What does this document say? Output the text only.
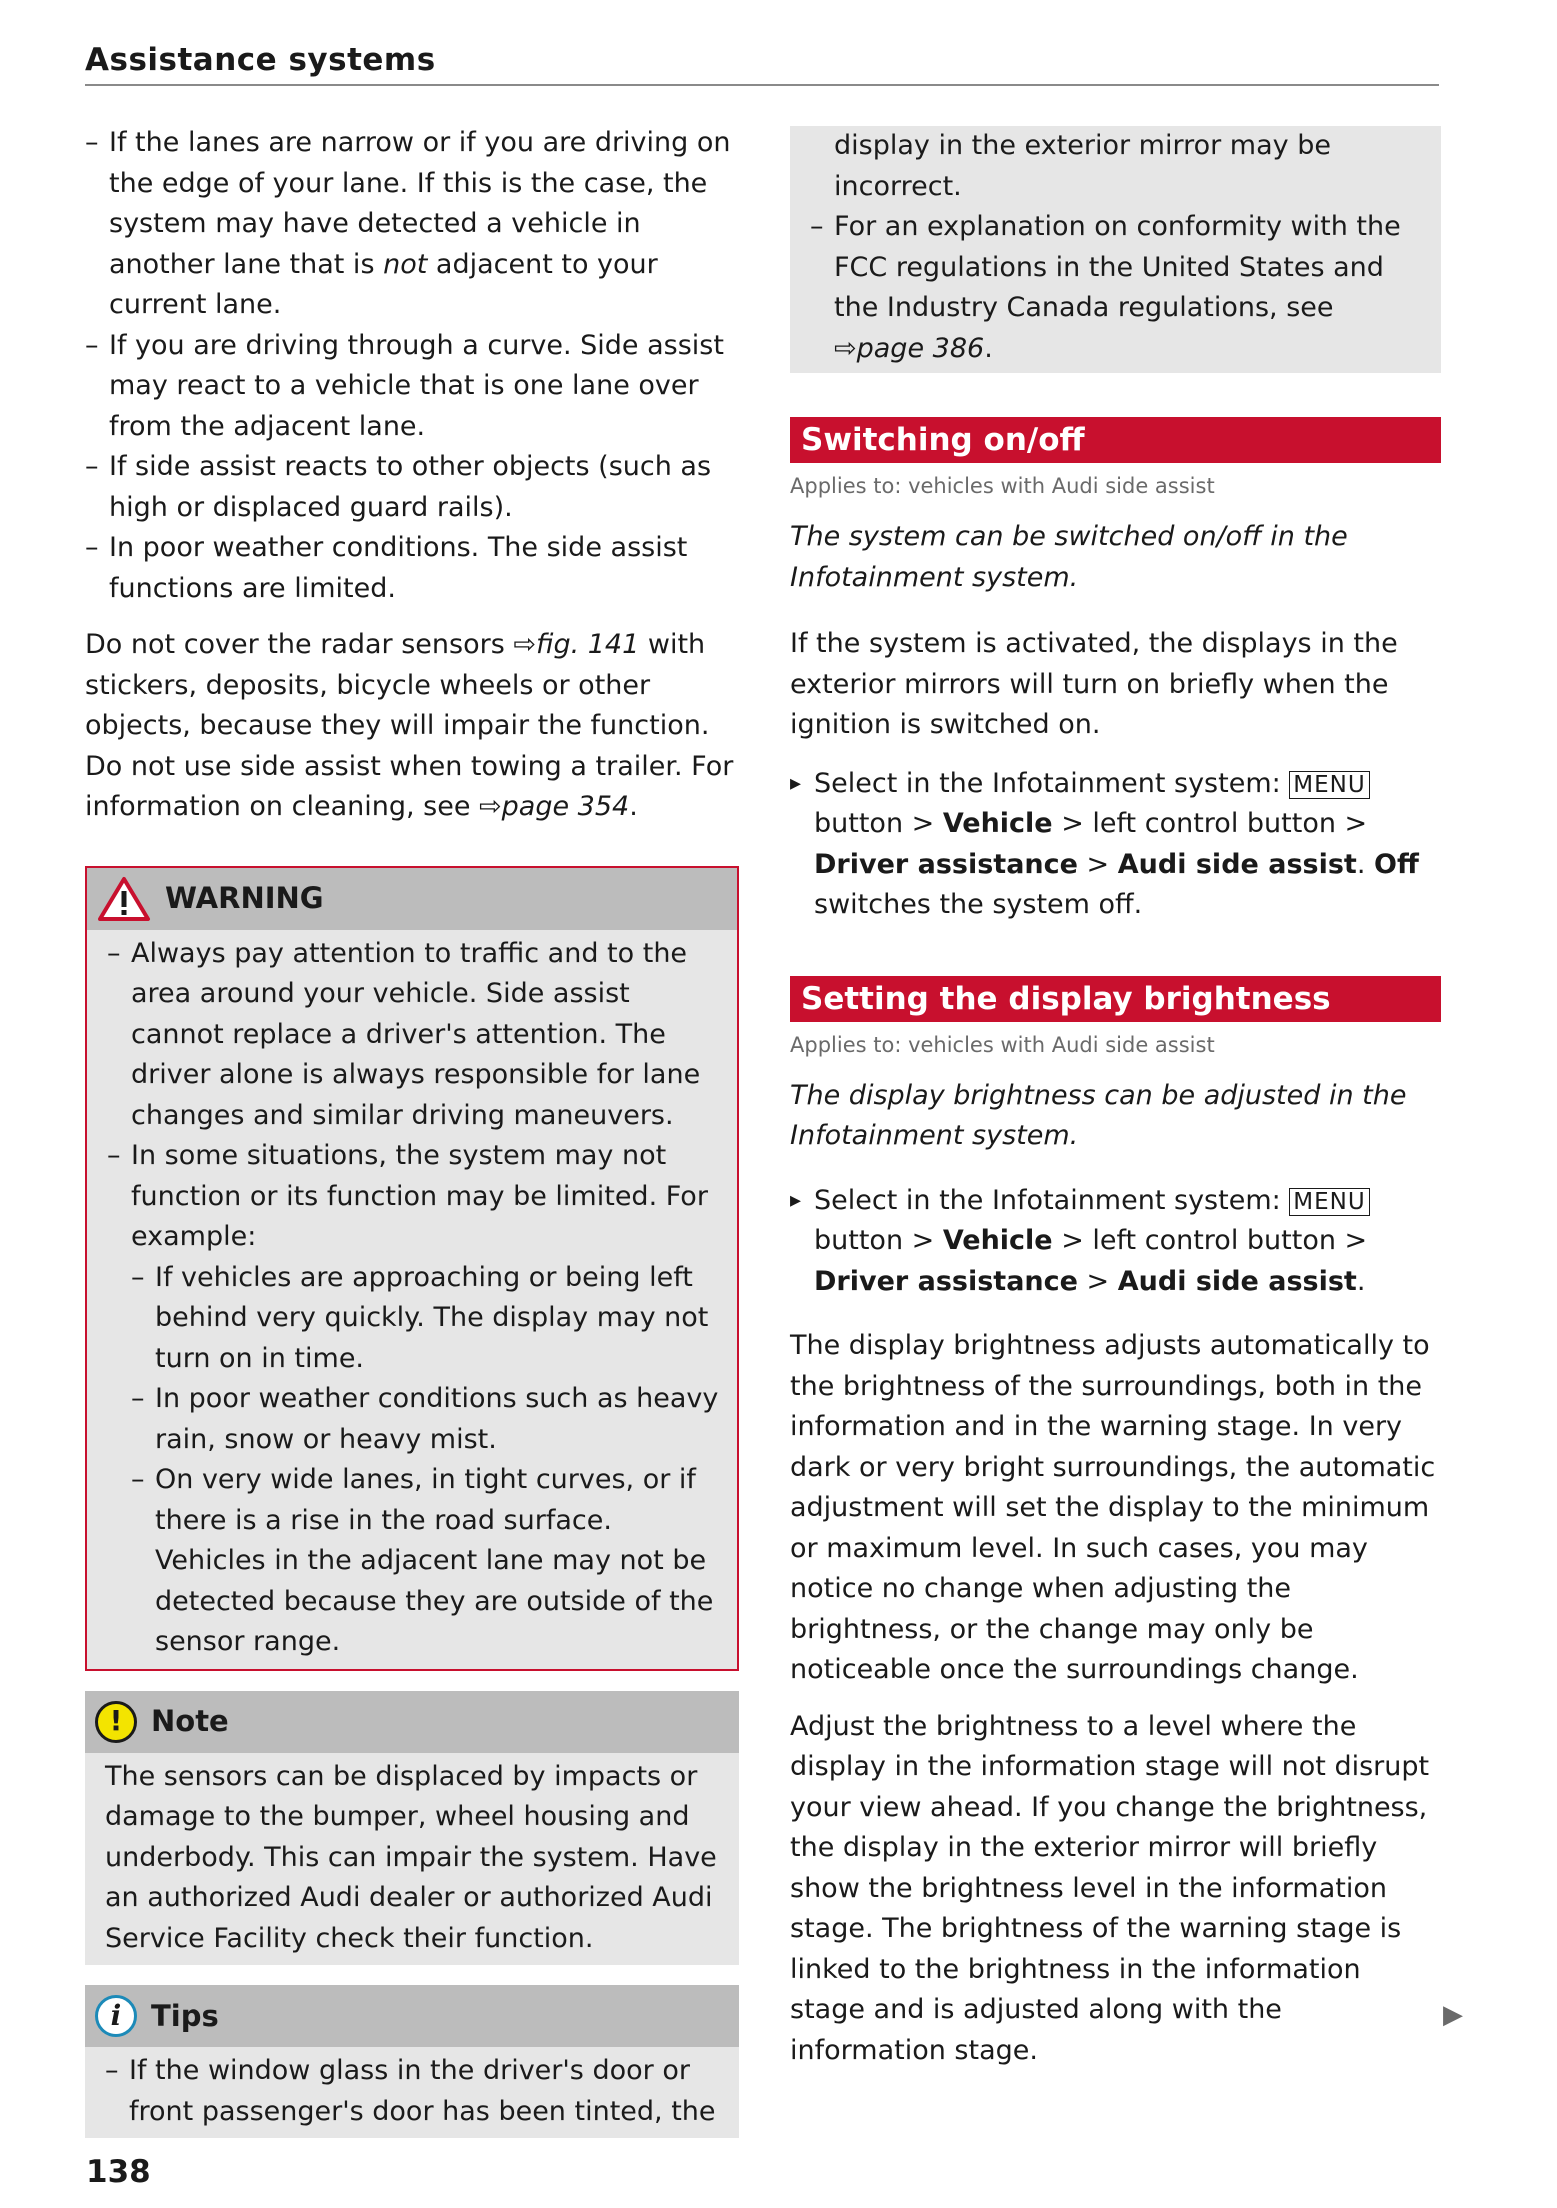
Assistance systems
– If the lanes are narrow or if you are driving on the edge of your lane. If this is the case, the system may have detected a vehicle in another lane that is not adjacent to your current lane.
– If you are driving through a curve. Side assist may react to a vehicle that is one lane over from the adjacent lane.
– If side assist reacts to other objects (such as high or displaced guard rails).
– In poor weather conditions. The side assist functions are limited.

Do not cover the radar sensors ⇨fig. 141 with stickers, deposits, bicycle wheels or other objects, because they will impair the function. Do not use side assist when towing a trailer. For information on cleaning, see ⇨page 354.

WARNING
– Always pay attention to traffic and to the area around your vehicle. Side assist cannot replace a driver's attention. The driver alone is always responsible for lane changes and similar driving maneuvers.
– In some situations, the system may not function or its function may be limited. For example:
– If vehicles are approaching or being left behind very quickly. The display may not turn on in time.
– In poor weather conditions such as heavy rain, snow or heavy mist.
– On very wide lanes, in tight curves, or if there is a rise in the road surface. Vehicles in the adjacent lane may not be detected because they are outside of the sensor range.
! Note

The sensors can be displaced by impacts or damage to the bumper, wheel housing and underbody. This can impair the system. Have an authorized Audi dealer or authorized Audi Service Facility check their function.

i	Tips
– If the window glass in the driver's door or front passenger's door has been tinted, the

display in the exterior mirror may be incorrect.

– For an explanation on conformity with the FCC regulations in the United States and the Industry Canada regulations, see ⇨page 386.
Switching on/off
Applies to: vehicles with Audi side assist

The system can be switched on/off in the Infotainment system.

If the system is activated, the displays in the exterior mirrors will turn on briefly when the ignition is switched on.

▸ Select in the Infotainment system: MENU button > Vehicle > left control button > Driver assistance > Audi side assist. Off switches the system off.
Setting the display brightness
Applies to: vehicles with Audi side assist

The display brightness can be adjusted in the Infotainment system.

▸ Select in the Infotainment system: MENU button > Vehicle > left control button > Driver assistance > Audi side assist.

The display brightness adjusts automatically to the brightness of the surroundings, both in the information and in the warning stage. In very dark or very bright surroundings, the automatic adjustment will set the display to the minimum or maximum level. In such cases, you may notice no change when adjusting the brightness, or the change may only be noticeable once the surroundings change.

Adjust the brightness to a level where the display in the information stage will not disrupt your view ahead. If you change the brightness, the display in the exterior mirror will briefly show the brightness level in the information stage. The brightness of the warning stage is linked to the brightness in the information stage and is adjusted along with the information stage.

▶
138
